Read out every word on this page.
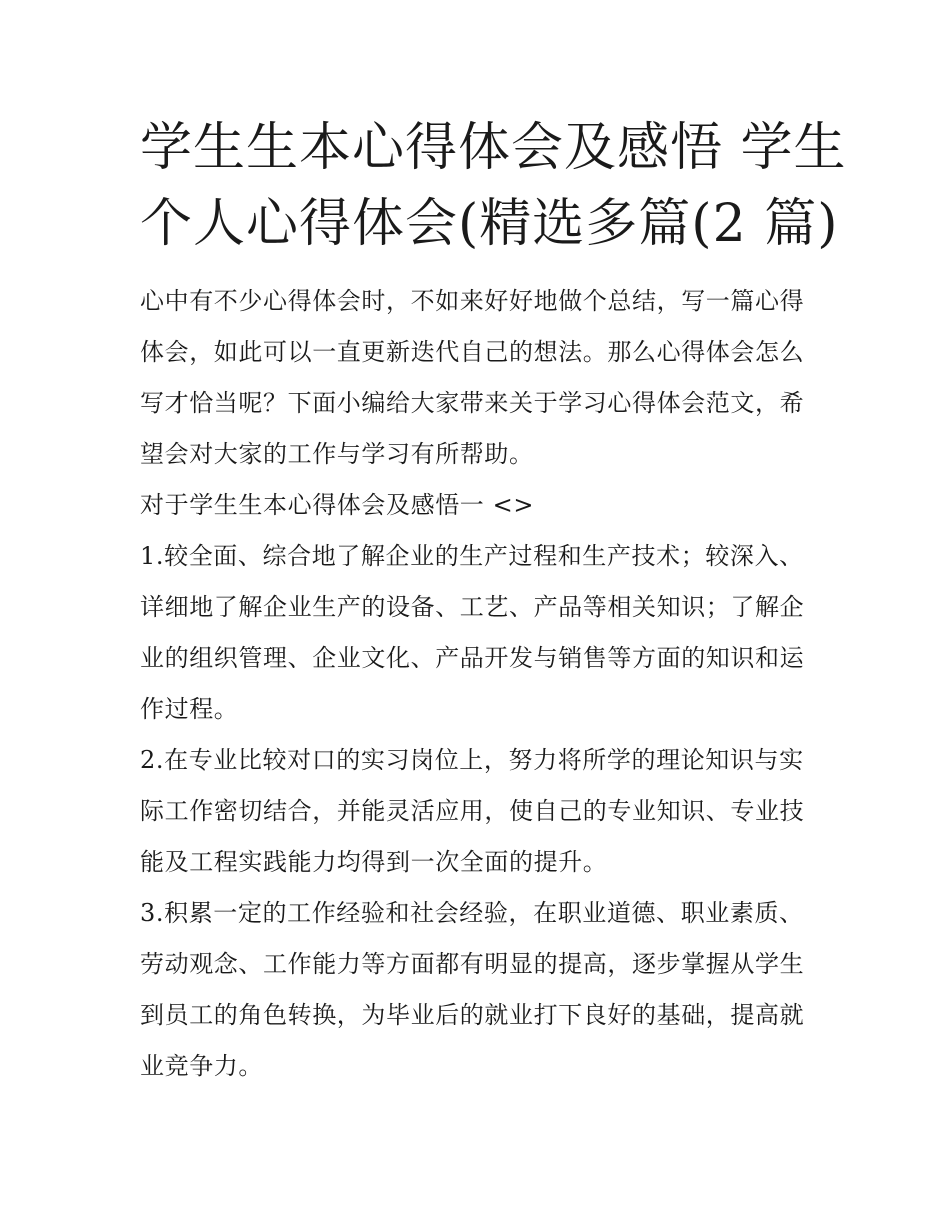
学生生本心得体会及感悟 学生
个人心得体会(精选多篇(2 篇)

心中有不少心得体会时，不如来好好地做个总结，写一篇心得
体会，如此可以一直更新迭代自己的想法。那么心得体会怎么
写才恰当呢？下面小编给大家带来关于学习心得体会范文，希
望会对大家的工作与学习有所帮助。

对于学生生本心得体会及感悟一 <>

1.较全面、综合地了解企业的生产过程和生产技术；较深入、
详细地了解企业生产的设备、工艺、产品等相关知识；了解企
业的组织管理、企业文化、产品开发与销售等方面的知识和运
作过程。

2.在专业比较对口的实习岗位上，努力将所学的理论知识与实
际工作密切结合，并能灵活应用，使自己的专业知识、专业技
能及工程实践能力均得到一次全面的提升。

3.积累一定的工作经验和社会经验，在职业道德、职业素质、
劳动观念、工作能力等方面都有明显的提高，逐步掌握从学生
到员工的角色转换，为毕业后的就业打下良好的基础，提高就
业竞争力。
